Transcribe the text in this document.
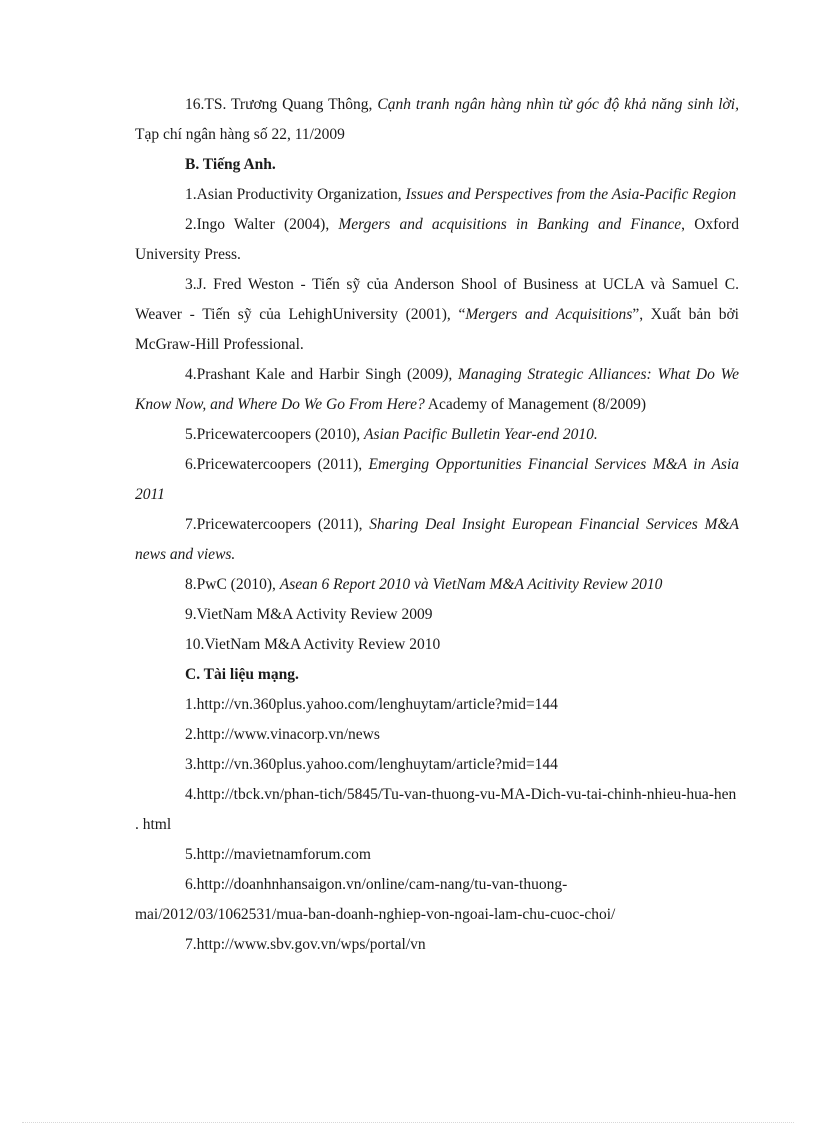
16.TS. Trương Quang Thông, Cạnh tranh ngân hàng nhìn từ góc độ khả năng sinh lời, Tạp chí ngân hàng số 22, 11/2009

B. Tiếng Anh.

1.Asian Productivity Organization, Issues and Perspectives from the Asia-Pacific Region

2.Ingo Walter (2004), Mergers and acquisitions in Banking and Finance, Oxford University Press.

3.J. Fred Weston - Tiến sỹ của Anderson Shool of Business at UCLA và Samuel C. Weaver - Tiến sỹ của LehighUniversity (2001), “Mergers and Acquisitions”, Xuất bản bởi McGraw-Hill Professional.

4.Prashant Kale and Harbir Singh (2009), Managing Strategic Alliances: What Do We Know Now, and Where Do We Go From Here? Academy of Management (8/2009)

5.Pricewatercoopers (2010), Asian Pacific Bulletin Year-end 2010.

6.Pricewatercoopers (2011), Emerging Opportunities Financial Services M&A in Asia 2011

7.Pricewatercoopers (2011), Sharing Deal Insight European Financial Services M&A news and views.

8.PwC (2010), Asean 6 Report 2010 và VietNam M&A Acitivity Review 2010

9.VietNam M&A Activity Review 2009

10.VietNam M&A Activity Review 2010

C. Tài liệu mạng.

1.http://vn.360plus.yahoo.com/lenghuytam/article?mid=144

2.http://www.vinacorp.vn/news

3.http://vn.360plus.yahoo.com/lenghuytam/article?mid=144

4.http://tbck.vn/phan-tich/5845/Tu-van-thuong-vu-MA-Dich-vu-tai-chinh-nhieu-hua-hen . html

5.http://mavietnamforum.com

6.http://doanhnhansaigon.vn/online/cam-nang/tu-van-thuong-mai/2012/03/1062531/mua-ban-doanh-nghiep-von-ngoai-lam-chu-cuoc-choi/

7.http://www.sbv.gov.vn/wps/portal/vn
